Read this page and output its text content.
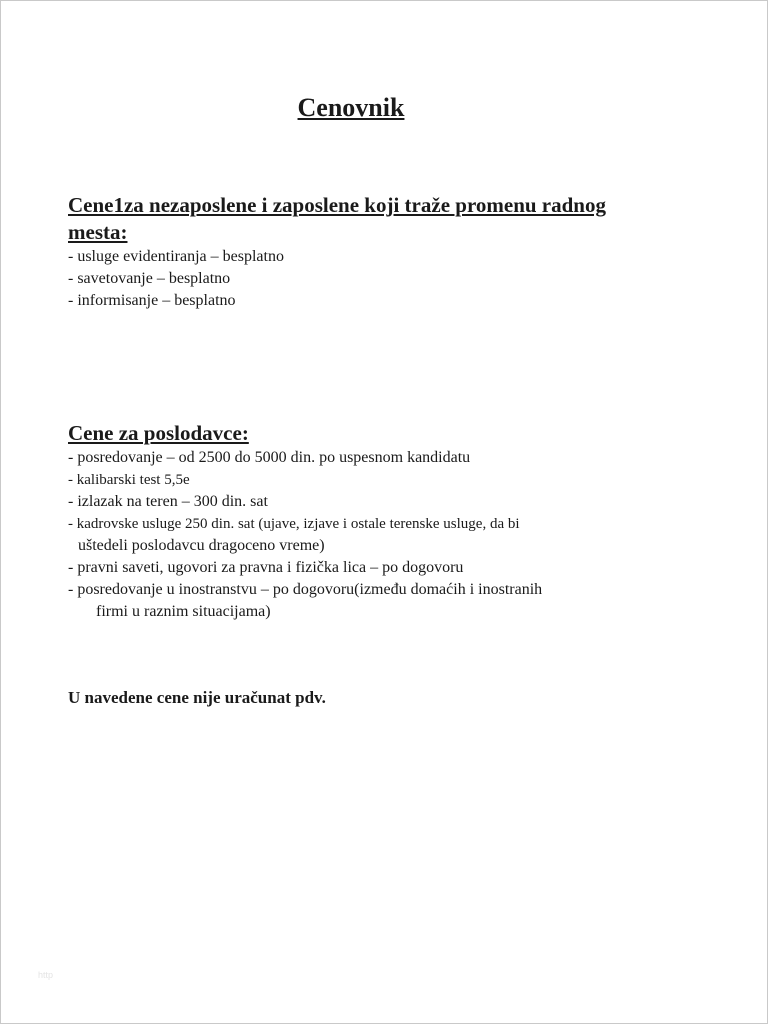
Cenovnik
Cene1za nezaposlene i zaposlene koji traže promenu radnog
mesta:
- usluge evidentiranja – besplatno
- savetovanje – besplatno
- informisanje – besplatno
Cene za poslodavce:
- posredovanje – od 2500 do 5000 din. po uspesnom kandidatu
- kalibarski test 5,5e
- izlazak na teren – 300 din. sat
- kadrovske usluge 250 din. sat (ujave, izjave i ostale terenske usluge, da bi
uštedeli poslodavcu dragoceno vreme)
- pravni saveti, ugovori za pravna i fizička lica – po dogovoru
- posredovanje u inostranstvu – po dogovoru(između domaćih i inostranih
firmi u raznim situacijama)
U navedene cene nije uračunat pdv.
http
